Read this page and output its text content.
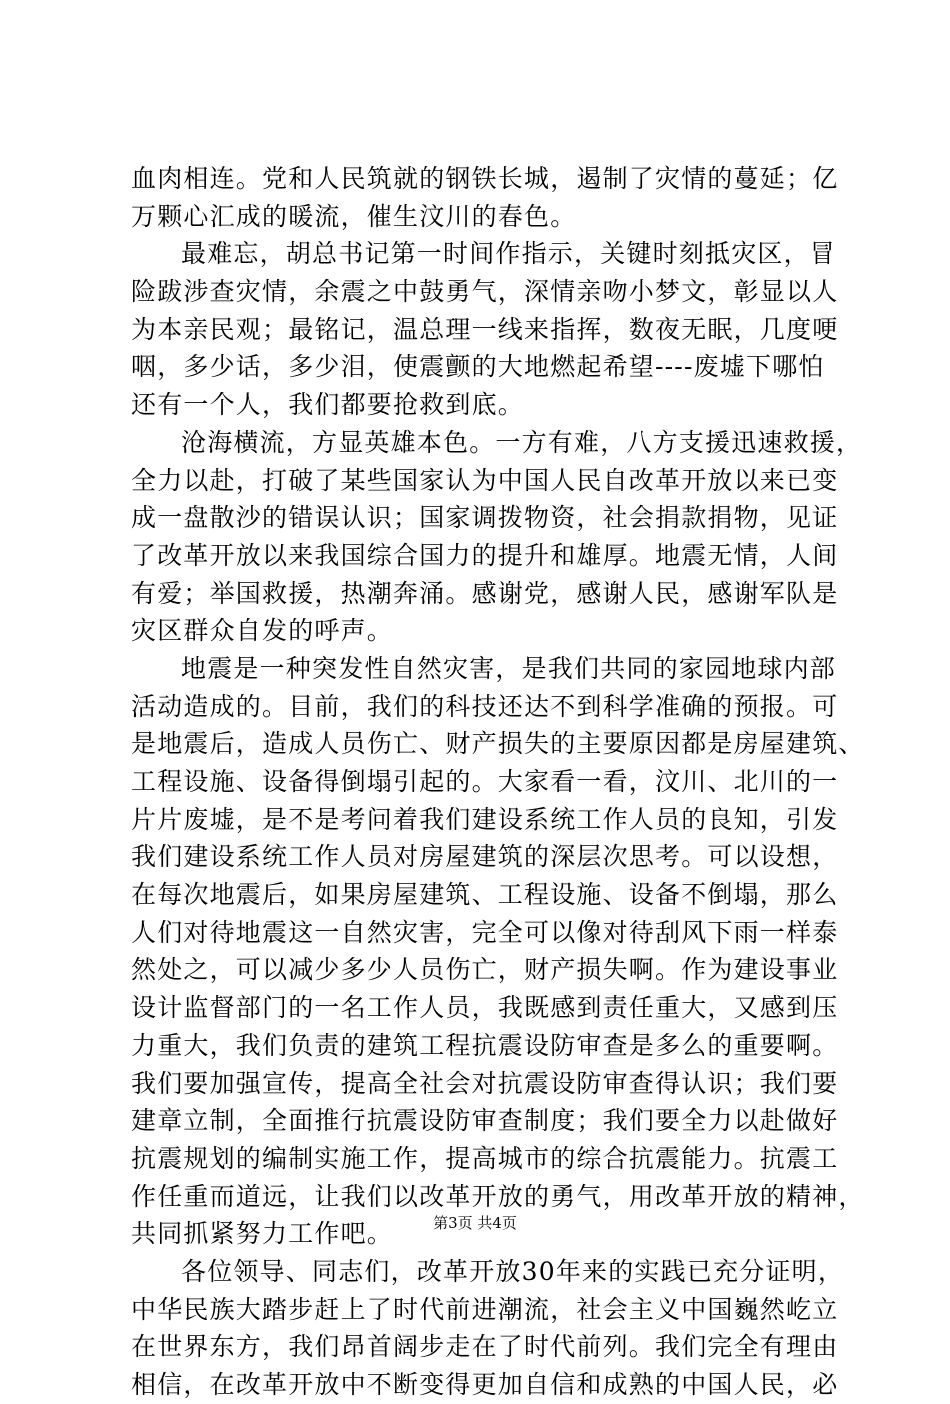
血肉相连。党和人民筑就的钢铁长城，遏制了灾情的蔓延；亿
万颗心汇成的暖流，催生汶川的春色。
最难忘，胡总书记第一时间作指示，关键时刻抵灾区，冒
险跋涉查灾情，余震之中鼓勇气，深情亲吻小梦文，彰显以人
为本亲民观；最铭记，温总理一线来指挥，数夜无眠，几度哽
咽，多少话，多少泪，使震颤的大地燃起希望----废墟下哪怕
还有一个人，我们都要抢救到底。
沧海横流，方显英雄本色。一方有难，八方支援迅速救援，
全力以赴，打破了某些国家认为中国人民自改革开放以来已变
成一盘散沙的错误认识；国家调拨物资，社会捐款捐物，见证
了改革开放以来我国综合国力的提升和雄厚。地震无情，人间
有爱；举国救援，热潮奔涌。感谢党，感谢人民，感谢军队是
灾区群众自发的呼声。
地震是一种突发性自然灾害，是我们共同的家园地球内部
活动造成的。目前，我们的科技还达不到科学准确的预报。可
是地震后，造成人员伤亡、财产损失的主要原因都是房屋建筑、
工程设施、设备得倒塌引起的。大家看一看，汶川、北川的一
片片废墟，是不是考问着我们建设系统工作人员的良知，引发
我们建设系统工作人员对房屋建筑的深层次思考。可以设想，
在每次地震后，如果房屋建筑、工程设施、设备不倒塌，那么
人们对待地震这一自然灾害，完全可以像对待刮风下雨一样泰
然处之，可以减少多少人员伤亡，财产损失啊。作为建设事业
设计监督部门的一名工作人员，我既感到责任重大，又感到压
力重大，我们负责的建筑工程抗震设防审查是多么的重要啊。
我们要加强宣传，提高全社会对抗震设防审查得认识；我们要
建章立制，全面推行抗震设防审查制度；我们要全力以赴做好
抗震规划的编制实施工作，提高城市的综合抗震能力。抗震工
作任重而道远，让我们以改革开放的勇气，用改革开放的精神，
共同抓紧努力工作吧。
各位领导、同志们，改革开放30年来的实践已充分证明，
中华民族大踏步赶上了时代前进潮流，社会主义中国巍然屹立
在世界东方，我们昂首阔步走在了时代前列。我们完全有理由
相信，在改革开放中不断变得更加自信和成熟的中国人民，必
第3页 共4页
